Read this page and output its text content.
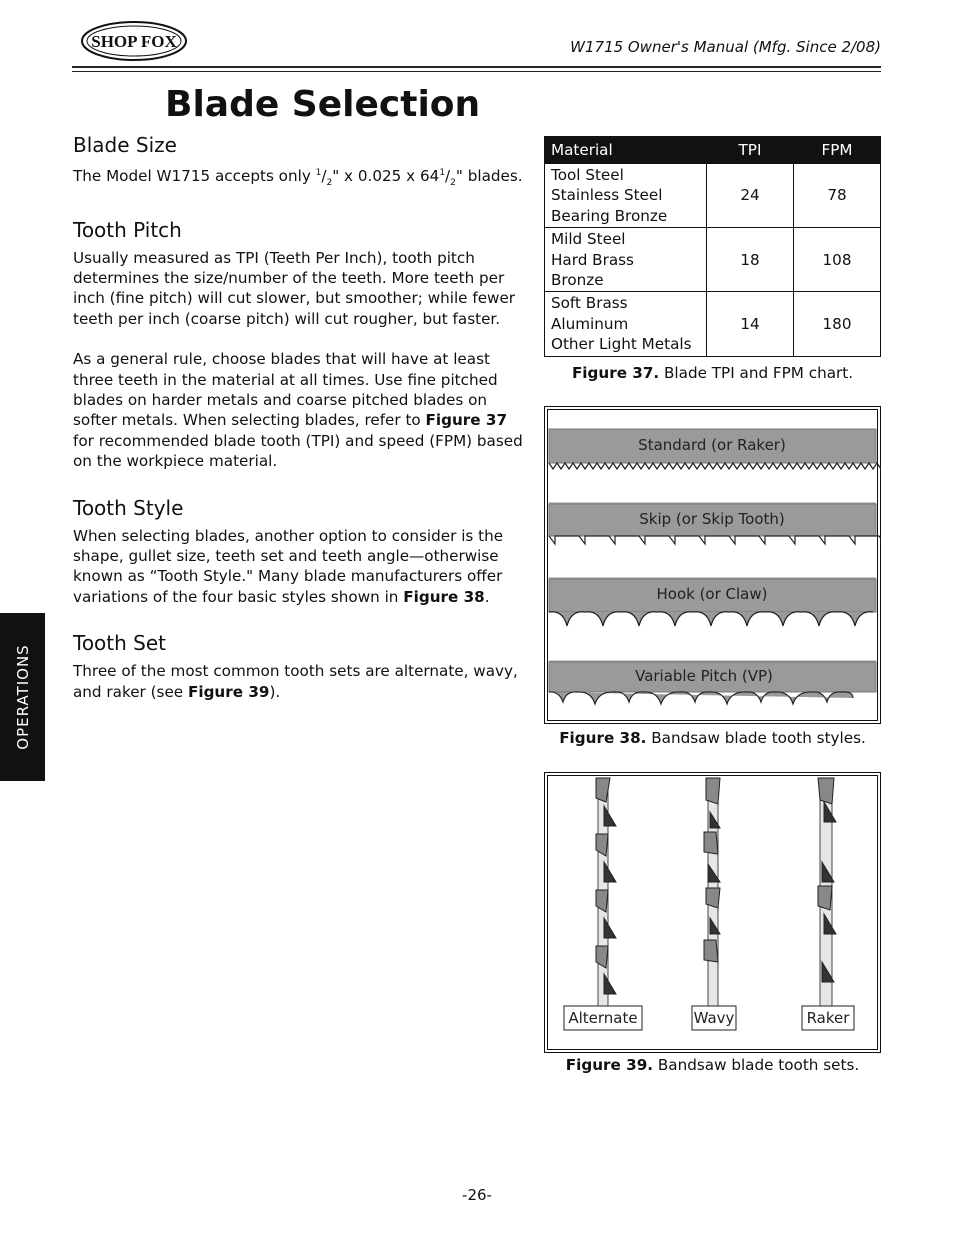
SHOP FOX	W1715 Owner's Manual (Mfg. Since 2/08)
Blade Selection
Blade Size

The Model W1715 accepts only $^1/_2$" x 0.025 x $64^1/_2$" blades.

Tooth Pitch

Usually measured as TPI (Teeth Per Inch), tooth pitch determines the size/number of the teeth. More teeth per inch (fine pitch) will cut slower, but smoother; while fewer teeth per inch (coarse pitch) will cut rougher, but faster.

As a general rule, choose blades that will have at least three teeth in the material at all times. Use fine pitched blades on harder metals and coarse pitched blades on softer metals. When selecting blades, refer to Figure 37 for recommended blade tooth (TPI) and speed (FPM) based on the workpiece material.

Tooth Style

When selecting blades, another option to consider is the shape, gullet size, teeth set and teeth angle—otherwise known as “Tooth Style." Many blade manufacturers offer variations of the four basic styles shown in Figure 38.

Tooth Set

Three of the most common tooth sets are alternate, wavy, and raker (see Figure 39).

OPERATIONS
Material	TPI	FPM

Tool Steel
Stainless Steel
Bearing Bronze	24	78

Mild Steel
Hard Brass
Bronze	18	108

Soft Brass
Aluminum
Other Light Metals	14	180
Figure 37. Blade TPI and FPM chart.
Standard (or Raker)
Skip (or Skip Tooth)
Hook (or Claw)
Variable Pitch (VP)
Figure 38. Bandsaw blade tooth styles.
Alternate	Wavy	Raker
Figure 39. Bandsaw blade tooth sets.
-26-
